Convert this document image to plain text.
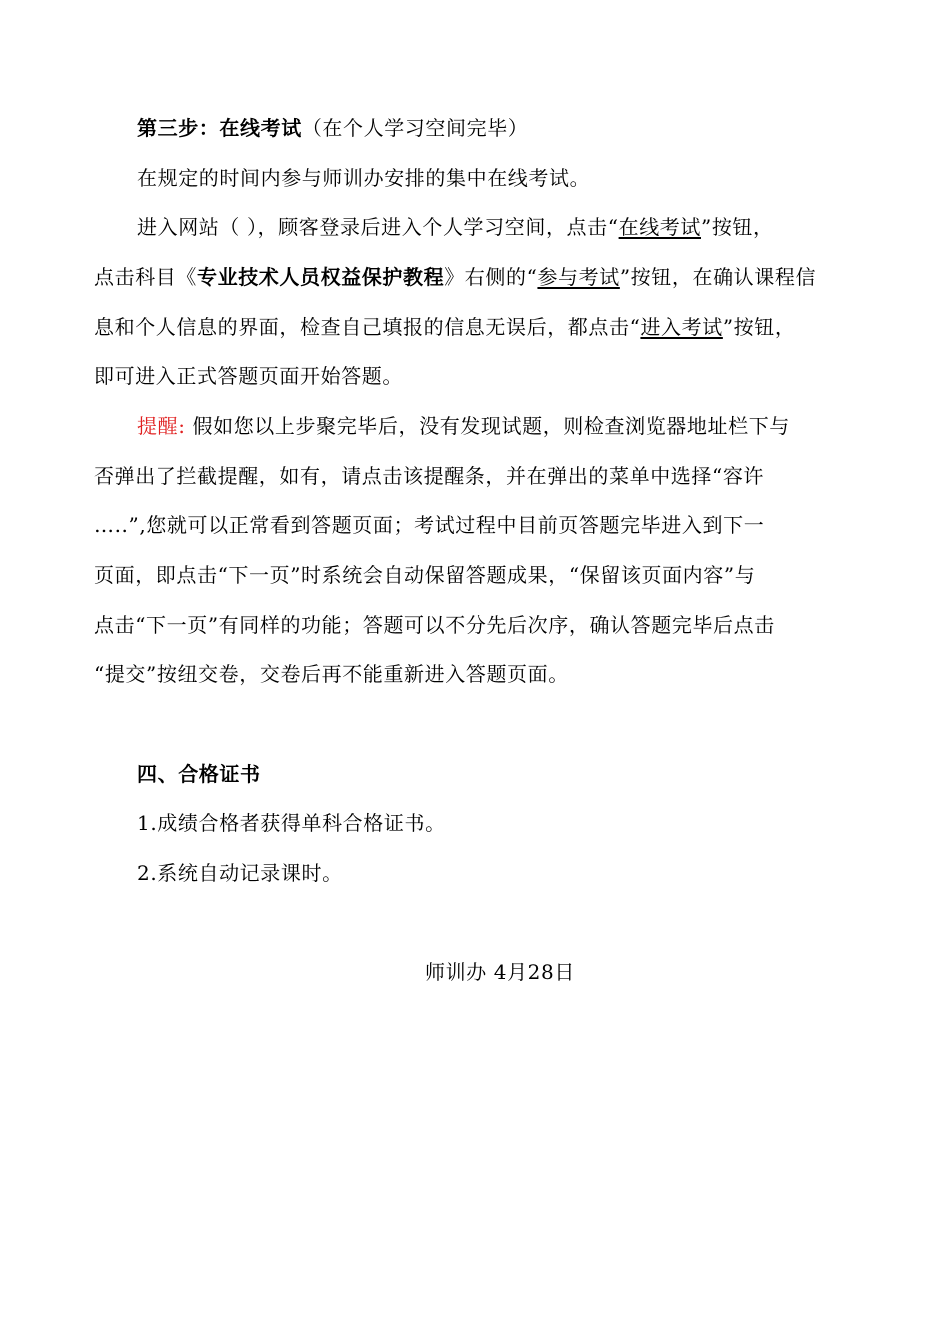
第三步：在线考试（在个人学习空间完毕）
在规定的时间内参与师训办安排的集中在线考试。
进入网站（ ），顾客登录后进入个人学习空间，点击“在线考试”按钮，
点击科目《专业技术人员权益保护教程》右侧的“参与考试”按钮，在确认课程信
息和个人信息的界面，检查自己填报的信息无误后，都点击“进入考试”按钮，
即可进入正式答题页面开始答题。
提醒: 假如您以上步聚完毕后，没有发现试题，则检查浏览器地址栏下与
否弹出了拦截提醒，如有，请点击该提醒条，并在弹出的菜单中选择“容许
…..”,您就可以正常看到答题页面；考试过程中目前页答题完毕进入到下一
页面，即点击“下一页”时系统会自动保留答题成果，“保留该页面内容”与
点击“下一页”有同样的功能；答题可以不分先后次序，确认答题完毕后点击
“提交”按纽交卷，交卷后再不能重新进入答题页面。
四、合格证书
1.成绩合格者获得单科合格证书。
2.系统自动记录课时。
师训办 4月28日
